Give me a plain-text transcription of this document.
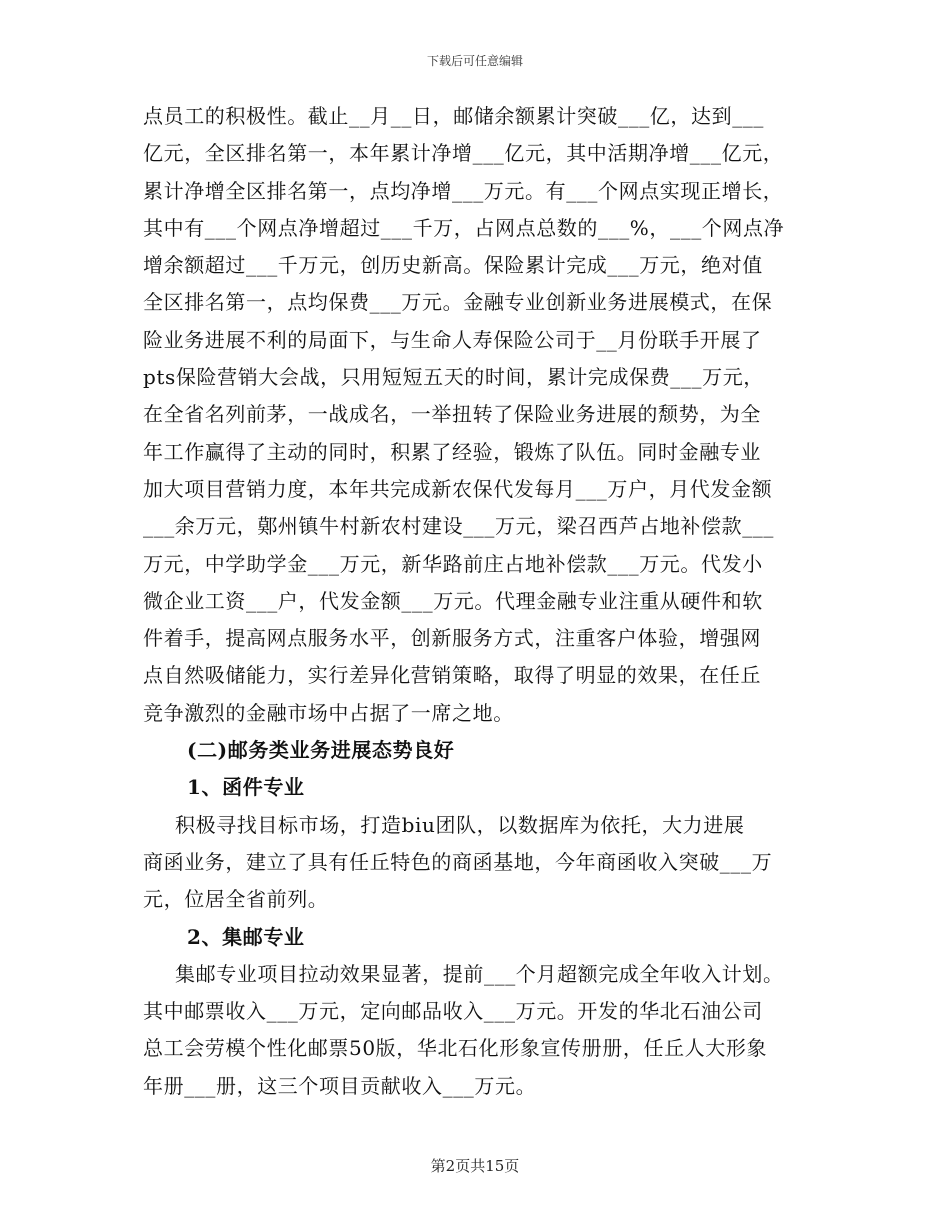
下载后可任意编辑
点员工的积极性。截止__月__日，邮储余额累计突破___亿，达到___
亿元，全区排名第一，本年累计净增___亿元，其中活期净增___亿元，
累计净增全区排名第一，点均净增___万元。有___个网点实现正增长，
其中有___个网点净增超过___千万，占网点总数的___%，___个网点净
增余额超过___千万元，创历史新高。保险累计完成___万元，绝对值
全区排名第一，点均保费___万元。金融专业创新业务进展模式，在保
险业务进展不利的局面下，与生命人寿保险公司于__月份联手开展了
pts保险营销大会战，只用短短五天的时间，累计完成保费___万元，
在全省名列前茅，一战成名，一举扭转了保险业务进展的颓势，为全
年工作赢得了主动的同时，积累了经验，锻炼了队伍。同时金融专业
加大项目营销力度，本年共完成新农保代发每月___万户，月代发金额
___余万元，鄚州镇牛村新农村建设___万元，梁召西芦占地补偿款___
万元，中学助学金___万元，新华路前庄占地补偿款___万元。代发小
微企业工资___户，代发金额___万元。代理金融专业注重从硬件和软
件着手，提高网点服务水平，创新服务方式，注重客户体验，增强网
点自然吸储能力，实行差异化营销策略，取得了明显的效果，在任丘
竞争激烈的金融市场中占据了一席之地。
(二)邮务类业务进展态势良好
1、函件专业
积极寻找目标市场，打造biu团队，以数据库为依托，大力进展
商函业务，建立了具有任丘特色的商函基地，今年商函收入突破___万
元，位居全省前列。
2、集邮专业
集邮专业项目拉动效果显著，提前___个月超额完成全年收入计划。
其中邮票收入___万元，定向邮品收入___万元。开发的华北石油公司
总工会劳模个性化邮票50版，华北石化形象宣传册册，任丘人大形象
年册___册，这三个项目贡献收入___万元。
第2页共15页
